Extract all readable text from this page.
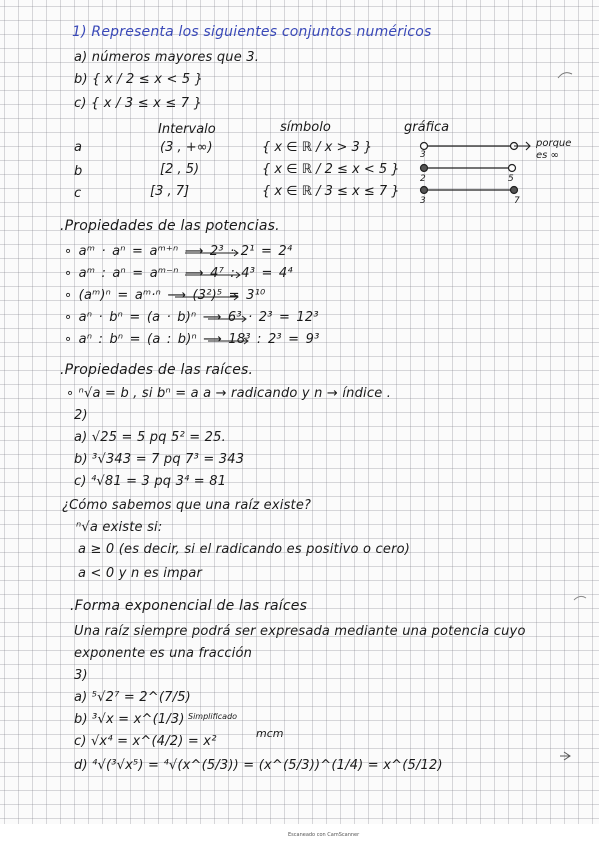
1) Representa los siguientes conjuntos numéricos
a) números mayores que 3.
b) { x / 2 ≤ x < 5 }
c) { x / 3 ≤ x ≤ 7 }
Intervalo	símbolo	gráfica
a	(3 , +∞)	{ x ∈ ℝ / x > 3 }
b	[2 , 5)	{ x ∈ ℝ / 2 ≤ x < 5 }
c	[3 , 7]	{ x ∈ ℝ / 3 ≤ x ≤ 7 }
3
porque
es ∞
5
2
3	7
.Propiedades de las potencias.
∘ aᵐ · aⁿ = aᵐ⁺ⁿ ⟶ 2³ · 2¹ = 2⁴
∘ aᵐ : aⁿ = aᵐ⁻ⁿ ⟶ 4⁷ : 4³ = 4⁴
∘ (aᵐ)ⁿ = aᵐ·ⁿ ⟶ (3²)⁵ = 3¹⁰
∘ aⁿ · bⁿ = (a · b)ⁿ ⟶ 6³ · 2³ = 12³
∘ aⁿ : bⁿ = (a : b)ⁿ ⟶ 18³ : 2³ = 9³
.Propiedades de las raíces.
∘ ⁿ√a = b , si bⁿ = a a → radicando y n → índice .
2)
a) √25 = 5 pq 5² = 25.
b) ³√343 = 7 pq 7³ = 343
c) ⁴√81 = 3 pq 3⁴ = 81
¿Cómo sabemos que una raíz existe?
ⁿ√a existe si:
a ≥ 0 (es decir, si el radicando es positivo o cero)
a < 0 y n es impar
.Forma exponencial de las raíces
Una raíz siempre podrá ser expresada mediante una potencia cuyo
exponente es una fracción
3)
a) ⁵√2⁷ = 2^(7/5)
b) ³√x = x^(1/3) Simplificado
c) √x⁴ = x^(4/2) = x²
mcm
d) ⁴√(³√x⁵) = ⁴√(x^(5/3)) = (x^(5/3))^(1/4) = x^(5/12)
Escaneado con CamScanner
